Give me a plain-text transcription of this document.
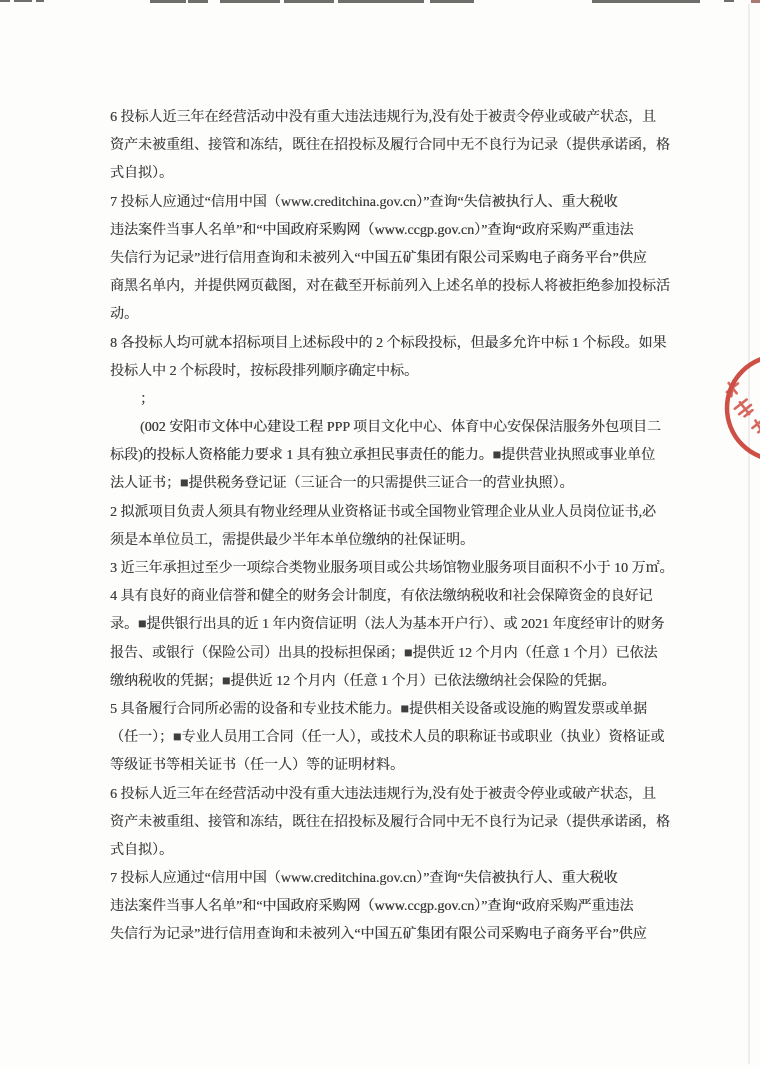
6 投标人近三年在经营活动中没有重大违法违规行为,没有处于被责令停业或破产状态，且
资产未被重组、接管和冻结，既往在招投标及履行合同中无不良行为记录（提供承诺函，格
式自拟）。
7 投标人应通过“信用中国（www.creditchina.gov.cn）”查询“失信被执行人、重大税收
违法案件当事人名单”和“中国政府采购网（www.ccgp.gov.cn）”查询“政府采购严重违法
失信行为记录”进行信用查询和未被列入“中国五矿集团有限公司采购电子商务平台”供应
商黑名单内，并提供网页截图，对在截至开标前列入上述名单的投标人将被拒绝参加投标活
动。
8 各投标人均可就本招标项目上述标段中的 2 个标段投标，但最多允许中标 1 个标段。如果
投标人中 2 个标段时，按标段排列顺序确定中标。
；
(002 安阳市文体中心建设工程 PPP 项目文化中心、体育中心安保保洁服务外包项目二
标段)的投标人资格能力要求 1 具有独立承担民事责任的能力。■提供营业执照或事业单位
法人证书；■提供税务登记证（三证合一的只需提供三证合一的营业执照）。
2 拟派项目负责人须具有物业经理从业资格证书或全国物业管理企业从业人员岗位证书,必
须是本单位员工，需提供最少半年本单位缴纳的社保证明。
3 近三年承担过至少一项综合类物业服务项目或公共场馆物业服务项目面积不小于 10 万㎡。
4 具有良好的商业信誉和健全的财务会计制度，有依法缴纳税收和社会保障资金的良好记
录。■提供银行出具的近 1 年内资信证明（法人为基本开户行）、或 2021 年度经审计的财务
报告、或银行（保险公司）出具的投标担保函；■提供近 12 个月内（任意 1 个月）已依法
缴纳税收的凭据；■提供近 12 个月内（任意 1 个月）已依法缴纳社会保险的凭据。
5 具备履行合同所必需的设备和专业技术能力。■提供相关设备或设施的购置发票或单据
（任一）；■专业人员用工合同（任一人），或技术人员的职称证书或职业（执业）资格证或
等级证书等相关证书（任一人）等的证明材料。
6 投标人近三年在经营活动中没有重大违法违规行为,没有处于被责令停业或破产状态，且
资产未被重组、接管和冻结，既往在招投标及履行合同中无不良行为记录（提供承诺函，格
式自拟）。
7 投标人应通过“信用中国（www.creditchina.gov.cn）”查询“失信被执行人、重大税收
违法案件当事人名单”和“中国政府采购网（www.ccgp.gov.cn）”查询“政府采购严重违法
失信行为记录”进行信用查询和未被列入“中国五矿集团有限公司采购电子商务平台”供应
